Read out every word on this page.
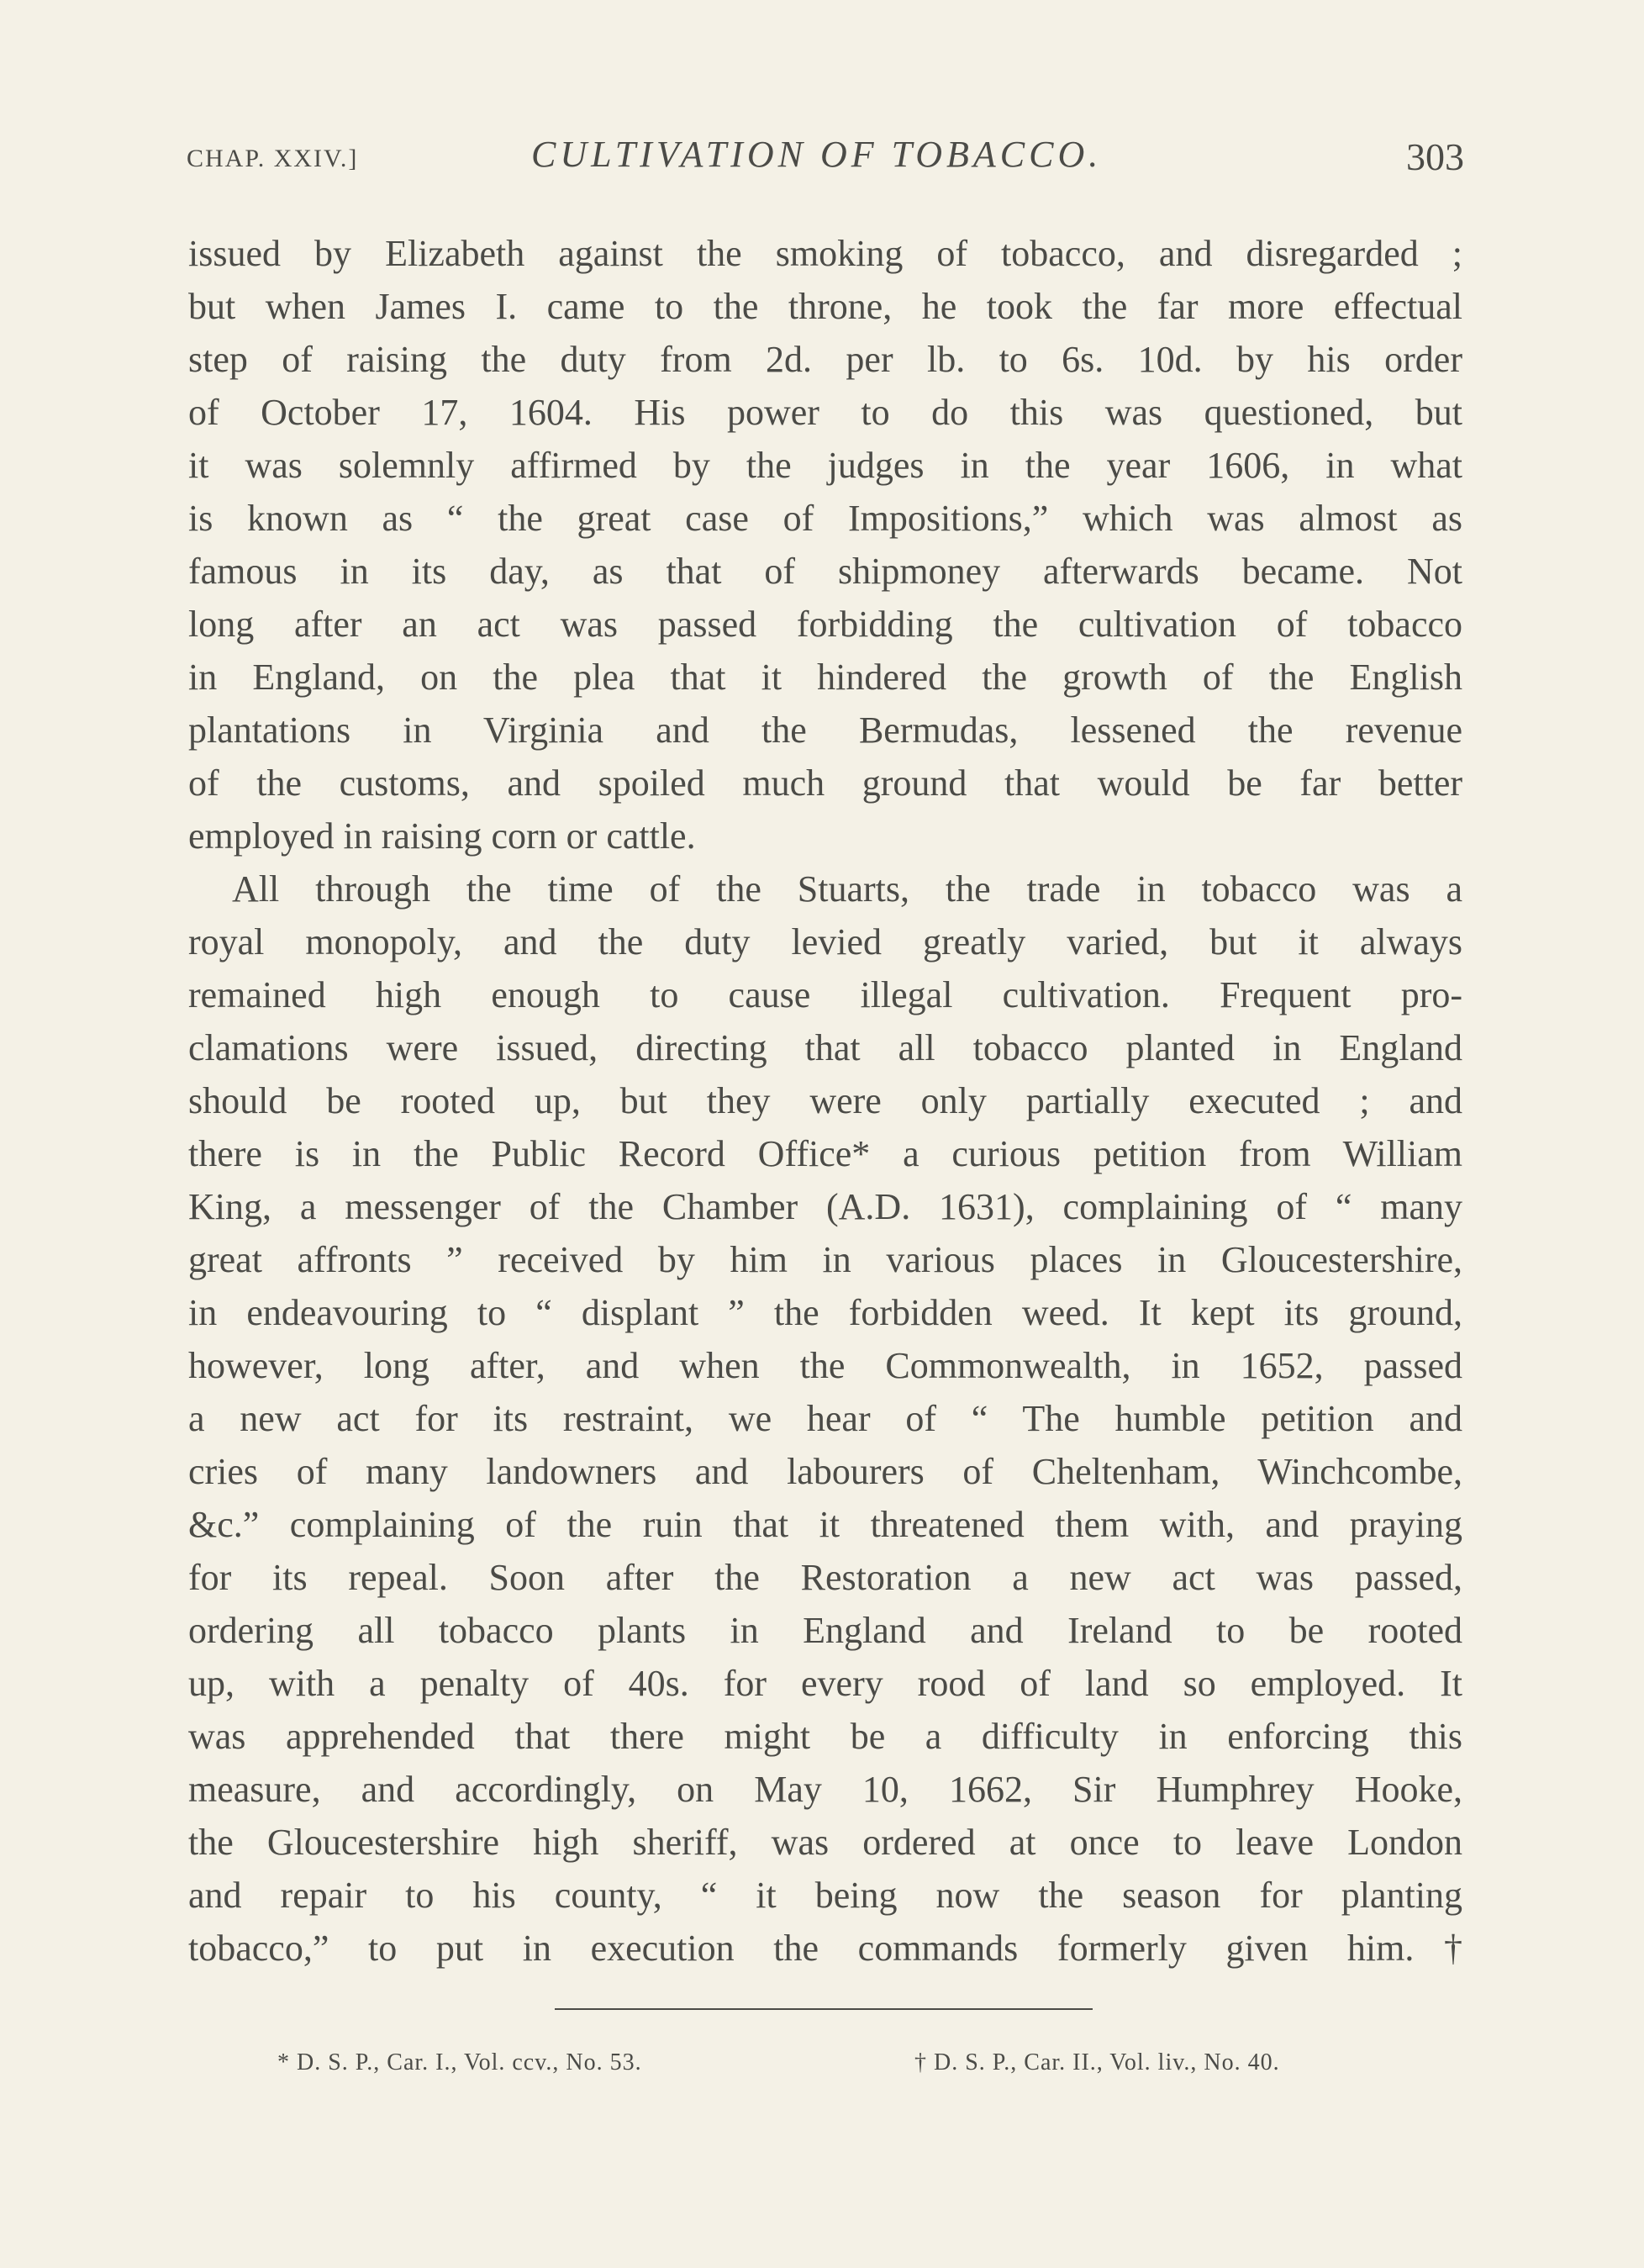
CHAP. XXIV.]	CULTIVATION OF TOBACCO.	303
issued by Elizabeth against the smoking of tobacco, and disregarded ;
but when James I. came to the throne, he took the far more effectual
step of raising the duty from 2d. per lb. to 6s. 10d. by his order
of October 17, 1604. His power to do this was questioned, but
it was solemnly affirmed by the judges in the year 1606, in what
is known as “ the great case of Impositions,” which was almost as
famous in its day, as that of shipmoney afterwards became. Not
long after an act was passed forbidding the cultivation of tobacco
in England, on the plea that it hindered the growth of the English
plantations in Virginia and the Bermudas, lessened the revenue
of the customs, and spoiled much ground that would be far better
employed in raising corn or cattle.
All through the time of the Stuarts, the trade in tobacco was a
royal monopoly, and the duty levied greatly varied, but it always
remained high enough to cause illegal cultivation. Frequent pro-
clamations were issued, directing that all tobacco planted in England
should be rooted up, but they were only partially executed ; and
there is in the Public Record Office* a curious petition from William
King, a messenger of the Chamber (A.D. 1631), complaining of “ many
great affronts ” received by him in various places in Gloucestershire,
in endeavouring to “ displant ” the forbidden weed. It kept its ground,
however, long after, and when the Commonwealth, in 1652, passed
a new act for its restraint, we hear of “ The humble petition and
cries of many landowners and labourers of Cheltenham, Winchcombe,
&c.” complaining of the ruin that it threatened them with, and praying
for its repeal. Soon after the Restoration a new act was passed,
ordering all tobacco plants in England and Ireland to be rooted
up, with a penalty of 40s. for every rood of land so employed. It
was apprehended that there might be a difficulty in enforcing this
measure, and accordingly, on May 10, 1662, Sir Humphrey Hooke,
the Gloucestershire high sheriff, was ordered at once to leave London
and repair to his county, “ it being now the season for planting
tobacco,” to put in execution the commands formerly given him.†
* D. S. P., Car. I., Vol. ccv., No. 53.	† D. S. P., Car. II., Vol. liv., No. 40.
